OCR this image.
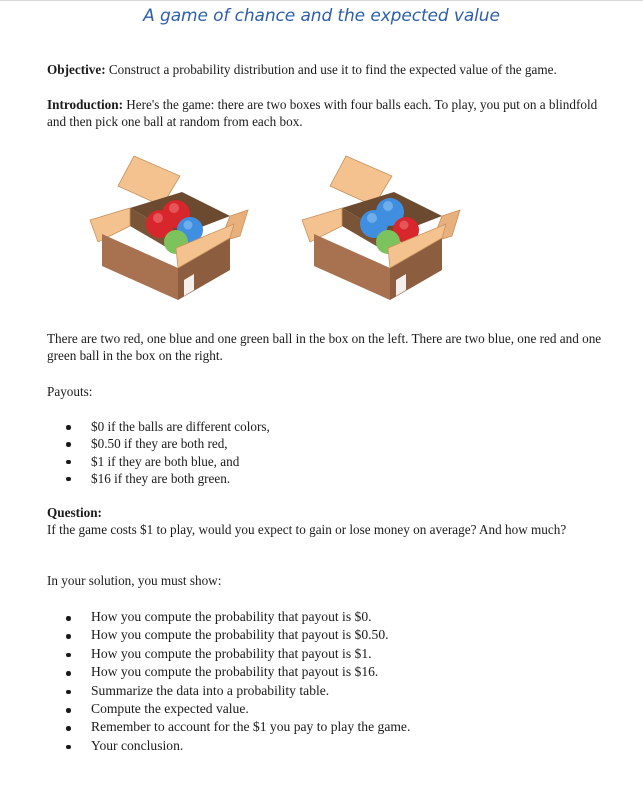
A game of chance and the expected value

Objective: Construct a probability distribution and use it to find the expected value of the game.

Introduction: Here's the game: there are two boxes with four balls each. To play, you put on a blindfold and then pick one ball at random from each box.

There are two red, one blue and one green ball in the box on the left. There are two blue, one red and one green ball in the box on the right.

Payouts:

$0 if the balls are different colors,
$0.50 if they are both red,
$1 if they are both blue, and
$16 if they are both green.

Question:

If the game costs $1 to play, would you expect to gain or lose money on average? And how much?

In your solution, you must show:

How you compute the probability that payout is $0.
How you compute the probability that payout is $0.50.
How you compute the probability that payout is $1.
How you compute the probability that payout is $16.
Summarize the data into a probability table.
Compute the expected value.
Remember to account for the $1 you pay to play the game.
Your conclusion.
